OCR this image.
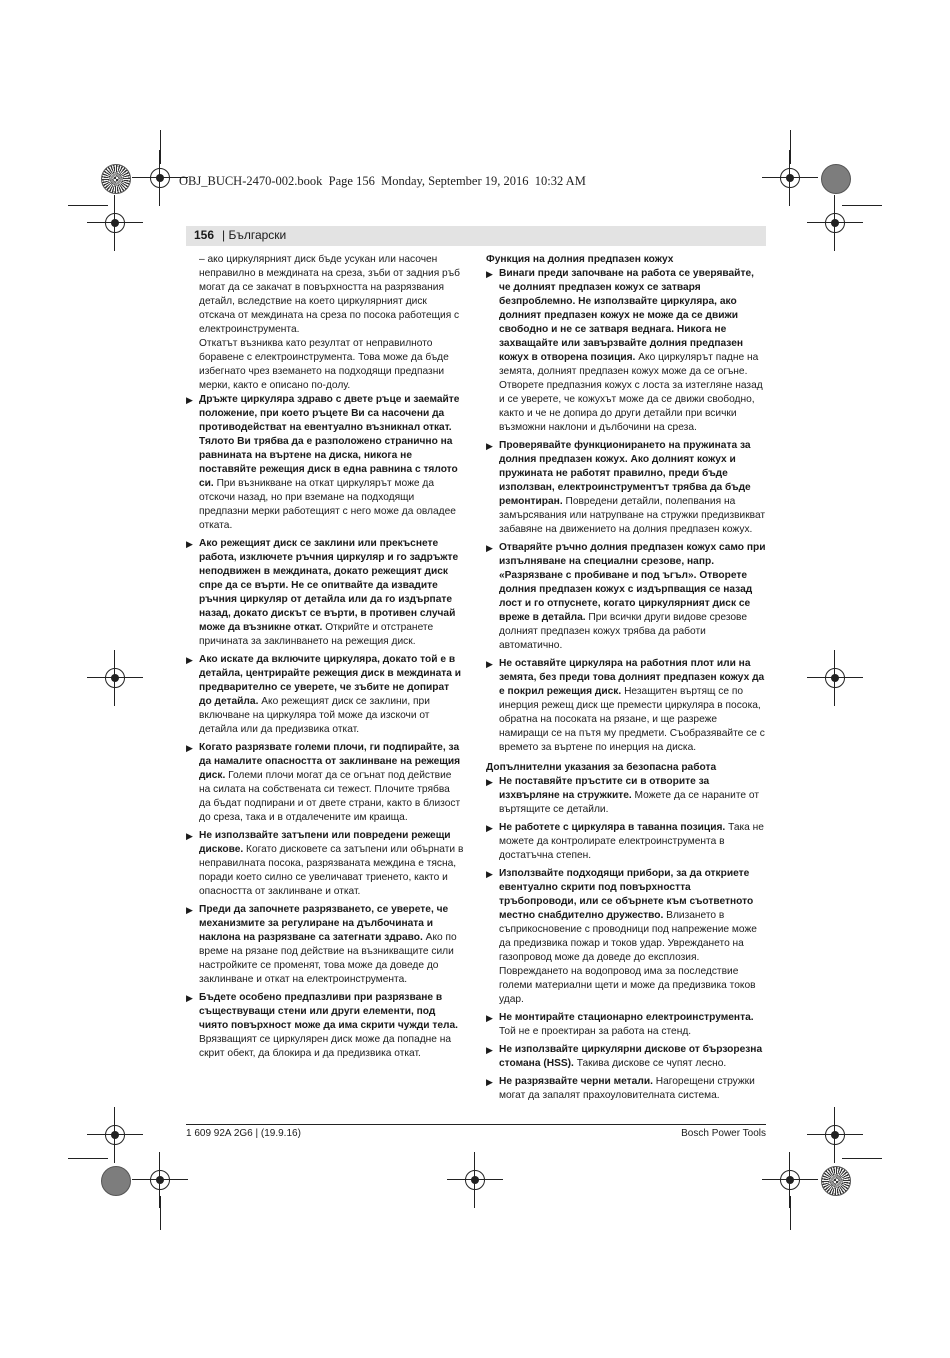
OBJ_BUCH-2470-002.book  Page 156  Monday, September 19, 2016  10:32 AM
156 | Български

– ако циркулярният диск бъде усукан или насочен неправилно в междината на среза, зъби от задния ръб могат да се закачат в повърхността на разрязвания детайл, вследствие на което циркулярният диск отскача от междината на среза по посока работещия с електроинструмента.

Откатът възниква като резултат от неправилното боравене с електроинструмента. Това може да бъде избегнато чрез вземането на подходящи предпазни мерки, както е описано по-долу.

▶ Дръжте циркуляра здраво с двете ръце и заемайте положение, при което ръцете Ви са насочени да противодействат на евентуално възникнал откат. Тялото Ви трябва да е разположено странично на равнината на въртене на диска, никога не поставяйте режещия диск в една равнина с тялото си. При възникване на откат циркулярът може да отскочи назад, но при вземане на подходящи предпазни мерки работещият с него може да овладее отката.
▶ Ако режещият диск се заклини или прекъснете работа, изключете ръчния циркуляр и го задръжте неподвижен в междината, докато режещият диск спре да се върти. Не се опитвайте да извадите ръчния циркуляр от детайла или да го издърпате назад, докато дискът се върти, в противен случай може да възникне откат. Открийте и отстранете причината за заклинването на режещия диск.
▶ Ако искате да включите циркуляра, докато той е в детайла, центрирайте режещия диск в междината и предварително се уверете, че зъбите не допират до детайла. Ако режещият диск се заклини, при включване на циркуляра той може да изскочи от детайла или да предизвика откат.
▶ Когато разрязвате големи плочи, ги подпирайте, за да намалите опасността от заклинване на режещия диск. Големи плочи могат да се огънат под действие на силата на собствената си тежест. Плочите трябва да бъдат подпирани и от двете страни, както в близост до среза, така и в отдалечените им краища.
▶ Не използвайте затъпени или повредени режещи дискове. Когато дисковете са затъпени или обърнати в неправилната посока, разрязваната междина е тясна, поради което силно се увеличават триенето, както и опасността от заклинване и откат.
▶ Преди да започнете разрязването, се уверете, че механизмите за регулиране на дълбочината и наклона на разрязване са затегнати здраво. Ако по време на рязане под действие на възникващите сили настройките се променят, това може да доведе до заклинване и откат на електроинструмента.
▶ Бъдете особено предпазливи при разрязване в съществуващи стени или други елементи, под чиято повърхност може да има скрити чужди тела. Врязващият се циркулярен диск може да попадне на скрит обект, да блокира и да предизвика откат.

Функция на долния предпазен кожух

▶ Винаги преди започване на работа се уверявайте, че долният предпазен кожух се затваря безпроблемно. Не използвайте циркуляра, ако долният предпазен кожух не може да се движи свободно и не се затваря веднага. Никога не захващайте или завързвайте долния предпазен кожух в отворена позиция. Ако циркулярът падне на земята, долният предпазен кожух може да се огъне. Отворете предпазния кожух с лоста за изтегляне назад и се уверете, че кожухът може да се движи свободно, както и че не допира до други детайли при всички възможни наклони и дълбочини на среза.
▶ Проверявайте функционирането на пружината за долния предпазен кожух. Ако долният кожух и пружината не работят правилно, преди бъде използван, електроинструментът трябва да бъде ремонтиран. Повредени детайли, полепвания на замърсявания или натрупване на стружки предизвикват забавяне на движението на долния предпазен кожух.
▶ Отваряйте ръчно долния предпазен кожух само при изпълняване на специални срезове, напр. «Разрязване с пробиване и под ъгъл». Отворете долния предпазен кожух с издърпващия се назад лост и го отпуснете, когато циркулярният диск се вреже в детайла. При всички други видове срезове долният предпазен кожух трябва да работи автоматично.
▶ Не оставяйте циркуляра на работния плот или на земята, без преди това долният предпазен кожух да е покрил режещия диск. Незащитен въртящ се по инерция режещ диск ще премести циркуляра в посока, обратна на посоката на рязане, и ще разреже намиращи се на пътя му предмети. Съобразявайте се с времето за въртене по инерция на диска.

Допълнителни указания за безопасна работа

▶ Не поставяйте пръстите си в отворите за изхвърляне на стружките. Можете да се нараните от въртящите се детайли.
▶ Не работете с циркуляра в таванна позиция. Така не можете да контролирате електроинструмента в достатъчна степен.
▶ Използвайте подходящи прибори, за да откриете евентуално скрити под повърхността тръбопроводи, или се обърнете към съответното местно снабдително дружество. Влизането в съприкосновение с проводници под напрежение може да предизвика пожар и токов удар. Увреждането на газопровод може да доведе до експлозия. Повреждането на водопровод има за последствие големи материални щети и може да предизвика токов удар.
▶ Не монтирайте стационарно електроинструмента. Той не е проектиран за работа на стенд.
▶ Не използвайте циркулярни дискове от бързорезна стомана (HSS). Такива дискове се чупят лесно.
▶ Не разрязвайте черни метали. Нагорещени стружки могат да запалят прахоуловителната система.
1 609 92A 2G6 | (19.9.16)	Bosch Power Tools
